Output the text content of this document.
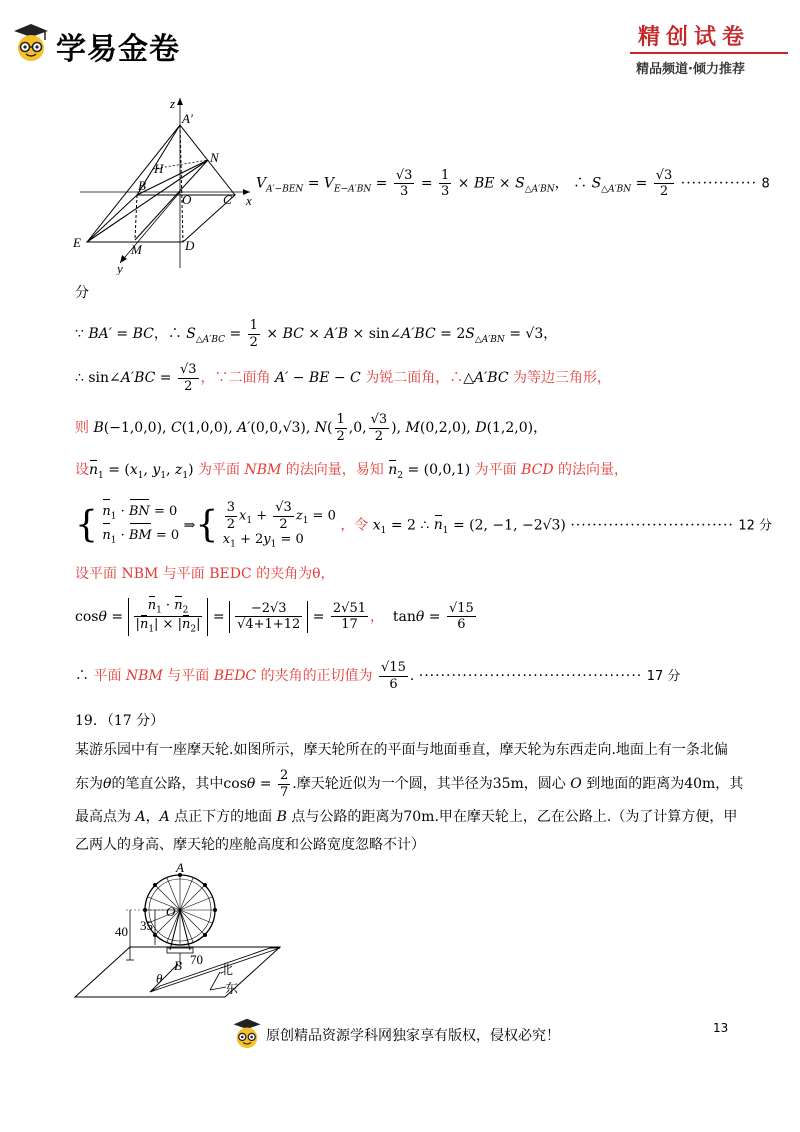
学易金卷	精创试卷
精品频道·倾力推荐
z
A′
H
N
B
O C x
E	M	D
y
$V_{A'-BEN} = V_{E-A'BN} = \frac{√3}{3} = \frac{1}{3}$ × BE × $S_{\triangle A'BN}$， ∴ $S_{\triangle A'BN} = \frac{√3}{2}$ ·············· 8
分
∵ BA′ = BC，∴ $S_{\triangle A'BC} = \frac{1}{2}$ × BC × A′B × sin∠A′BC = $2S_{\triangle A'BN} = √3$，
∴ sin∠A′BC = $\frac{√3}{2}$ ，∵二面角 A′ − BE − C 为锐二面角，∴△A′BC 为等边三角形，
则 B(−1,0,0), C(1,0,0), A′(0,0,√3), $N( \frac{1}{2} ,0$, $\frac{√3}{2}$ ), M(0,2,0), D(1,2,0)，
设$n_1 = (x_1$, $y_1$, $z_1$) 为平面 NBM 的法向量，易知 $n_2 = (0,0,1)$ 为平面 BCD 的法向量，
{ $n_1$ · BN = 0
$n_1$ · BM = 0 ⇒{ $\frac{3}{2} x_1 + \frac{√3}{2} z_1 = 0$
$x_1 + 2y_1 = 0$ ，令 $x_1 = 2$ ∴ $n_1 = (2$, −1, −2√3) ······························ 12 分
设平面 NBM 与平面 BEDC 的夹角为θ，
$\cos\theta = \frac{n_1 \cdot n_2}{|n_1| \times |n_2|} = \frac{-2√3}{√4+1+12} = \frac{2√51}{17}$ ，  $\tan\theta = \frac{√15}{6}$
∴ 平面 NBM 与平面 BEDC 的夹角的正切值为 $\frac{√15}{6}$ . ········································· 17 分
19．（17 分）
某游乐园中有一座摩天轮.如图所示，摩天轮所在的平面与地面垂直，摩天轮为东西走向.地面上有一条北偏
东为θ的笔直公路，其中$\cos\theta = \frac{2}{7}$ .摩天轮近似为一个圆，其半径为35m，圆心 O 到地面的距离为40m，其
最高点为 A，A 点正下方的地面 B 点与公路的距离为70m.甲在摩天轮上，乙在公路上.（为了计算方便，甲
乙两人的身高、摩天轮的座舱高度和公路宽度忽略不计）
A
O
35
40
B 70
θ
北
东
原创精品资源学科网独家享有版权，侵权必究！	13
